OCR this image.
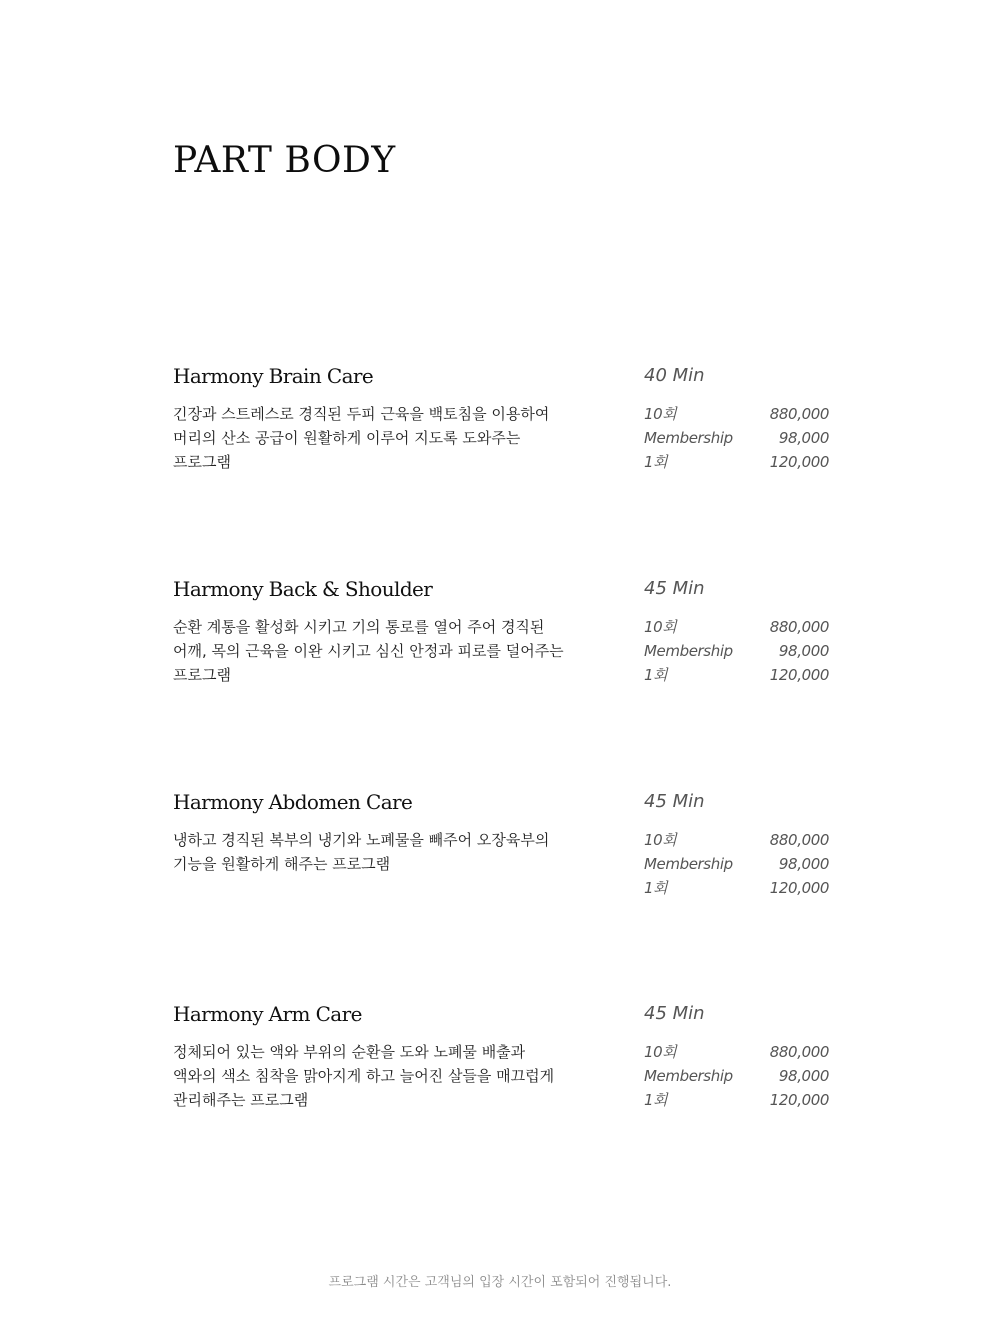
PART BODY
Harmony Brain Care

긴장과 스트레스로 경직된 두피 근육을 백토침을 이용하여 머리의 산소 공급이 원활하게 이루어 지도록 도와주는 프로그램

40 Min

10회	880,000
Membership	98,000
1회	120,000
Harmony Back & Shoulder

순환 계통을 활성화 시키고 기의 통로를 열어 주어 경직된 어깨, 목의 근육을 이완 시키고 심신 안정과 피로를 덜어주는 프로그램

45 Min

10회	880,000
Membership	98,000
1회	120,000
Harmony Abdomen Care

냉하고 경직된 복부의 냉기와 노폐물을 빼주어 오장육부의 기능을 원활하게 해주는 프로그램

45 Min

10회	880,000
Membership	98,000
1회	120,000
Harmony Arm Care

정체되어 있는 액와 부위의 순환을 도와 노폐물 배출과 액와의 색소 침착을 맑아지게 하고 늘어진 살들을 매끄럽게 관리해주는 프로그램

45 Min

10회	880,000
Membership	98,000
1회	120,000

프로그램 시간은 고객님의 입장 시간이 포함되어 진행됩니다.
